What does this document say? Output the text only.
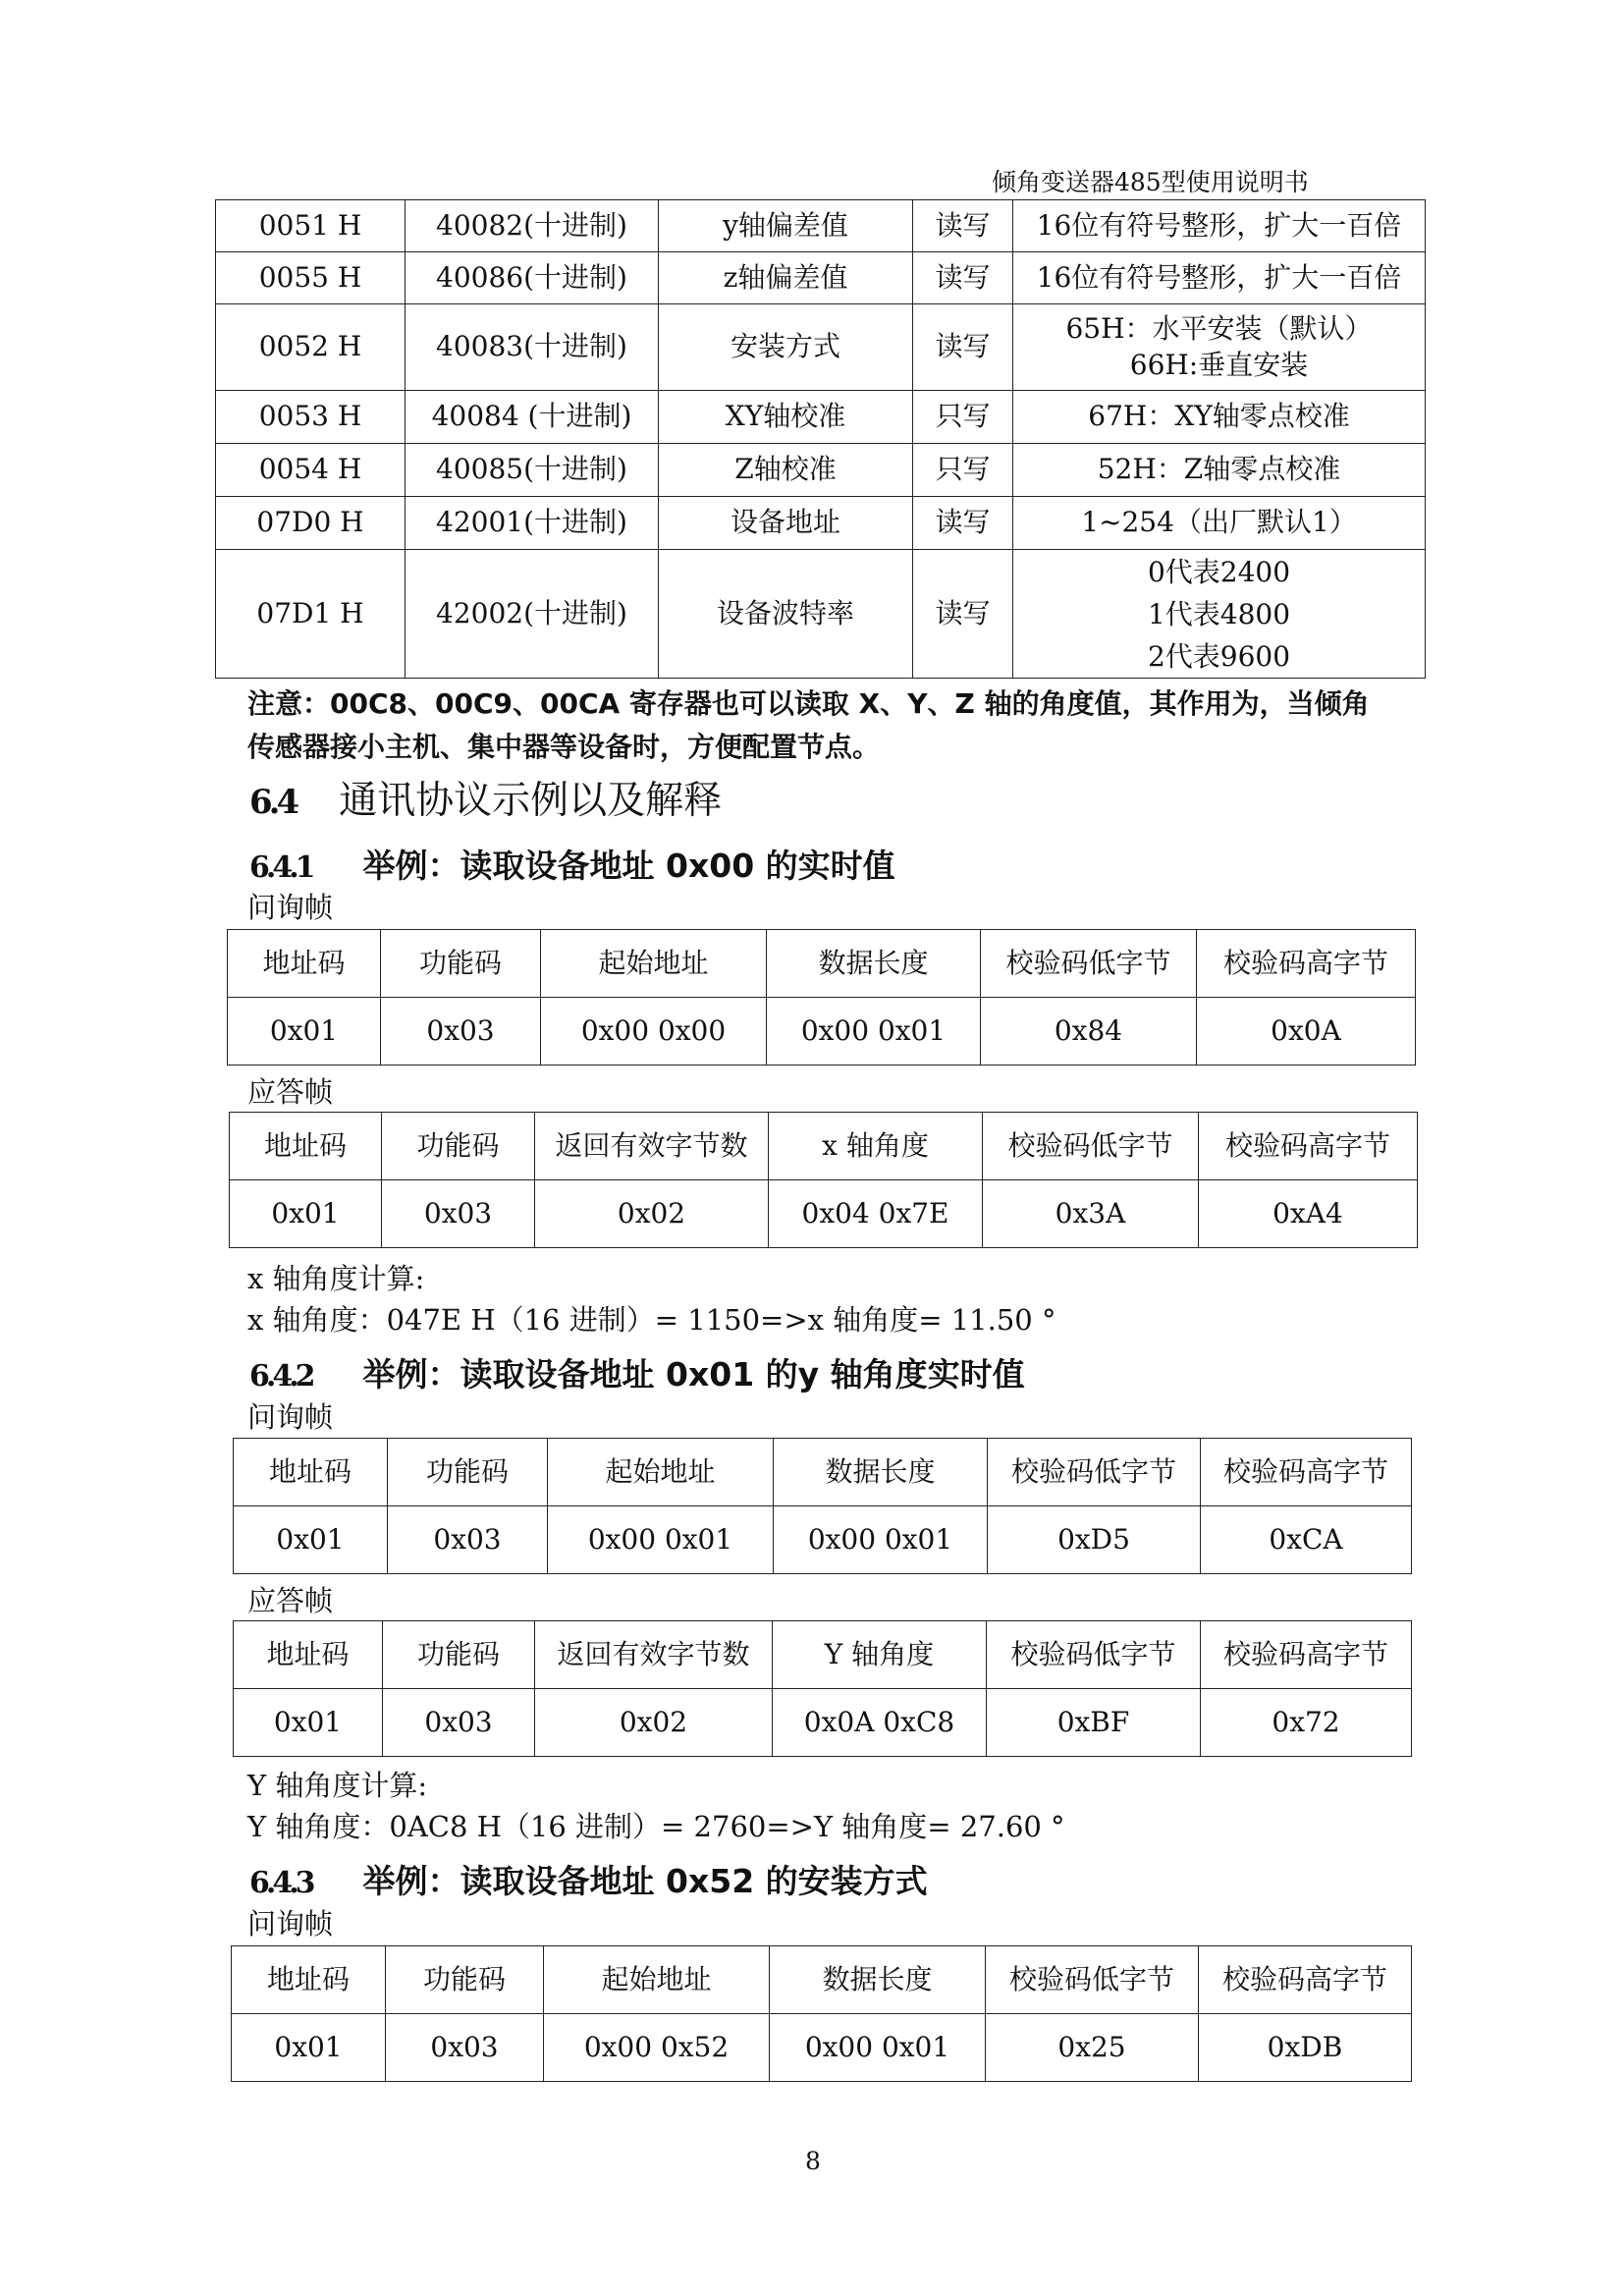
倾角变送器485型使用说明书
0051 H	40082(十进制)	y轴偏差值	读写	16位有符号整形，扩大一百倍

0055 H	40086(十进制)	z轴偏差值	读写	16位有符号整形，扩大一百倍

0052 H	40083(十进制)	安装方式	读写	65H：水平安装（默认）
66H:垂直安装

0053 H	40084 (十进制)	XY轴校准	只写	67H：XY轴零点校准

0054 H	40085(十进制)	Z轴校准	只写	52H：Z轴零点校准

07D0 H	42001(十进制)	设备地址	读写	1~254（出厂默认1）

07D1 H	42002(十进制)	设备波特率	读写	0代表2400
1代表4800
2代表9600
注意：00C8、00C9、00CA 寄存器也可以读取 X、Y、Z 轴的角度值，其作用为，当倾角
传感器接小主机、集中器等设备时，方便配置节点。
6.4 通讯协议示例以及解释
6.4.1 举例：读取设备地址 0x00 的实时值
问询帧
地址码	功能码	起始地址	数据长度	校验码低字节	校验码高字节
0x01	0x03	0x00 0x00	0x00 0x01	0x84	0x0A
应答帧
地址码	功能码	返回有效字节数	x 轴角度	校验码低字节	校验码高字节
0x01	0x03	0x02	0x04 0x7E	0x3A	0xA4
x 轴角度计算:
x 轴角度：047E H（16 进制）= 1150=>x 轴角度= 11.50 °
6.4.2 举例：读取设备地址 0x01 的y 轴角度实时值
问询帧
地址码	功能码	起始地址	数据长度	校验码低字节	校验码高字节
0x01	0x03	0x00 0x01	0x00 0x01	0xD5	0xCA
应答帧
地址码	功能码	返回有效字节数	Y 轴角度	校验码低字节	校验码高字节
0x01	0x03	0x02	0x0A 0xC8	0xBF	0x72
Y 轴角度计算:
Y 轴角度：0AC8 H（16 进制）= 2760=>Y 轴角度= 27.60 °
6.4.3 举例：读取设备地址 0x52 的安装方式
问询帧
地址码	功能码	起始地址	数据长度	校验码低字节	校验码高字节
0x01	0x03	0x00 0x52	0x00 0x01	0x25	0xDB
8
